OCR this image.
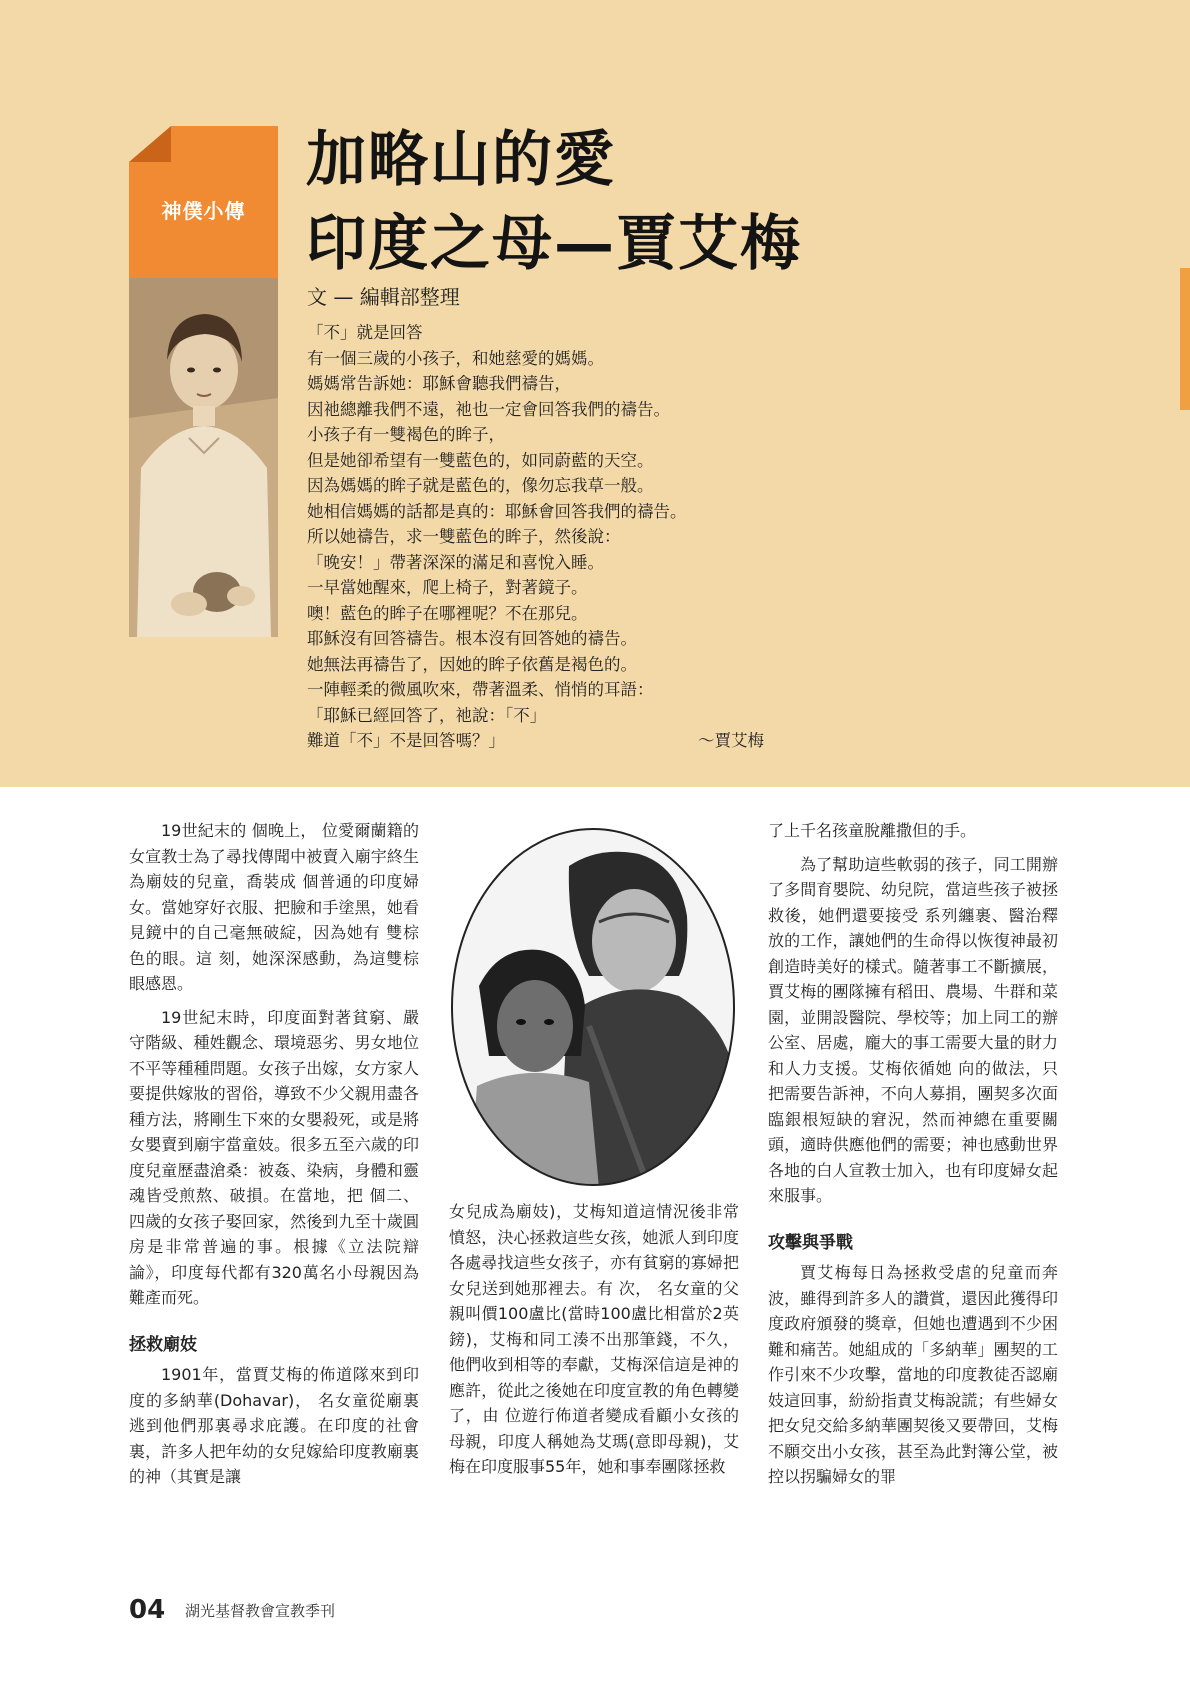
神僕小傳
加略山的愛
印度之母—賈艾梅
文 — 編輯部整理
「不」就是回答
有一個三歲的小孩子，和她慈愛的媽媽。
媽媽常告訴她：耶穌會聽我們禱告，
因祂總離我們不遠，祂也一定會回答我們的禱告。
小孩子有一雙褐色的眸子，
但是她卻希望有一雙藍色的，如同蔚藍的天空。
因為媽媽的眸子就是藍色的，像勿忘我草一般。
她相信媽媽的話都是真的：耶穌會回答我們的禱告。
所以她禱告，求一雙藍色的眸子，然後說：
「晚安！」帶著深深的滿足和喜悅入睡。
一早當她醒來，爬上椅子，對著鏡子。
噢！藍色的眸子在哪裡呢？不在那兒。
耶穌沒有回答禱告。根本沒有回答她的禱告。
她無法再禱告了，因她的眸子依舊是褐色的。
一陣輕柔的微風吹來，帶著溫柔、悄悄的耳語：
「耶穌已經回答了，祂說：「不」
難道「不」不是回答嗎？」	～賈艾梅

19世紀末的 個晚上， 位愛爾蘭籍的女宣教士為了尋找傳聞中被賣入廟宇終生為廟妓的兒童，喬裝成 個普通的印度婦女。當她穿好衣服、把臉和手塗黑，她看見鏡中的自己毫無破綻，因為她有 雙棕色的眼。這 刻，她深深感動，為這雙棕眼感恩。

19世紀末時，印度面對著貧窮、嚴守階級、種姓觀念、環境惡劣、男女地位不平等種種問題。女孩子出嫁，女方家人要提供嫁妝的習俗，導致不少父親用盡各種方法，將剛生下來的女嬰殺死，或是將女嬰賣到廟宇當童妓。很多五至六歲的印度兒童歷盡滄桑：被姦、染病，身體和靈魂皆受煎熬、破損。在當地，把 個二、四歲的女孩子娶回家，然後到九至十歲圓房是非常普遍的事。根據《立法院辯論》，印度每代都有320萬名小母親因為難產而死。

拯救廟妓

1901年，當賈艾梅的佈道隊來到印度的多納華(Dohavar)， 名女童從廟裏逃到他們那裏尋求庇護。在印度的社會裏，許多人把年幼的女兒嫁給印度教廟裏的神（其實是讓

女兒成為廟妓)，艾梅知道這情況後非常憤怒，決心拯救這些女孩，她派人到印度各處尋找這些女孩子，亦有貧窮的寡婦把女兒送到她那裡去。有 次， 名女童的父親叫價100盧比(當時100盧比相當於2英鎊)，艾梅和同工湊不出那筆錢，不久，他們收到相等的奉獻，艾梅深信這是神的應許，從此之後她在印度宣教的角色轉變了，由 位遊行佈道者變成看顧小女孩的母親，印度人稱她為艾瑪(意即母親)，艾梅在印度服事55年，她和事奉團隊拯救

了上千名孩童脫離撒但的手。

為了幫助這些軟弱的孩子，同工開辦了多間育嬰院、幼兒院，當這些孩子被拯救後，她們還要接受 系列纏裹、醫治釋放的工作，讓她們的生命得以恢復神最初創造時美好的樣式。隨著事工不斷擴展，賈艾梅的團隊擁有稻田、農場、牛群和菜園，並開設醫院、學校等；加上同工的辦公室、居處，龐大的事工需要大量的財力和人力支援。艾梅依循她 向的做法，只把需要告訴神，不向人募捐，團契多次面臨銀根短缺的窘況，然而神總在重要關頭，適時供應他們的需要；神也感動世界各地的白人宣教士加入，也有印度婦女起來服事。

攻擊與爭戰

賈艾梅每日為拯救受虐的兒童而奔波，雖得到許多人的讚賞，還因此獲得印度政府頒發的獎章，但她也遭遇到不少困難和痛苦。她組成的「多納華」團契的工作引來不少攻擊，當地的印度教徒否認廟妓這回事，紛紛指責艾梅說謊；有些婦女把女兒交給多納華團契後又要帶回，艾梅不願交出小女孩，甚至為此對簿公堂，被控以拐騙婦女的罪

04 湖光基督教會宣教季刊
